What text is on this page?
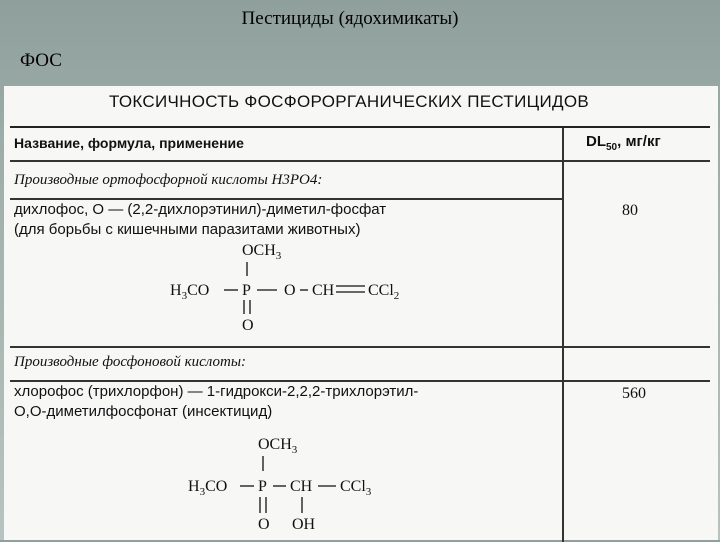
Пестициды (ядохимикаты)
ФОС
ТОКСИЧНОСТЬ ФОСФОРОРГАНИЧЕСКИХ ПЕСТИЦИДОВ
Название, формула, применение	$DL_{50}$, мг/кг
Производные ортофосфорной кислоты H3PO4:
дихлофос, О — (2,2-дихлорэтинил)-диметил-фосфат
(для борьбы с кишечными паразитами животных)
80
$OCH_3$
$H_3CO$ P O CH CCl$_2$
O
Производные фосфоновой кислоты:
хлорофос (трихлорфон) — 1-гидрокси-2,2,2-трихлорэтил-
О,О-диметилфосфонат (инсектицид)
560
$OCH_3$
$H_3CO$ P CH CCl$_3$
O OH
